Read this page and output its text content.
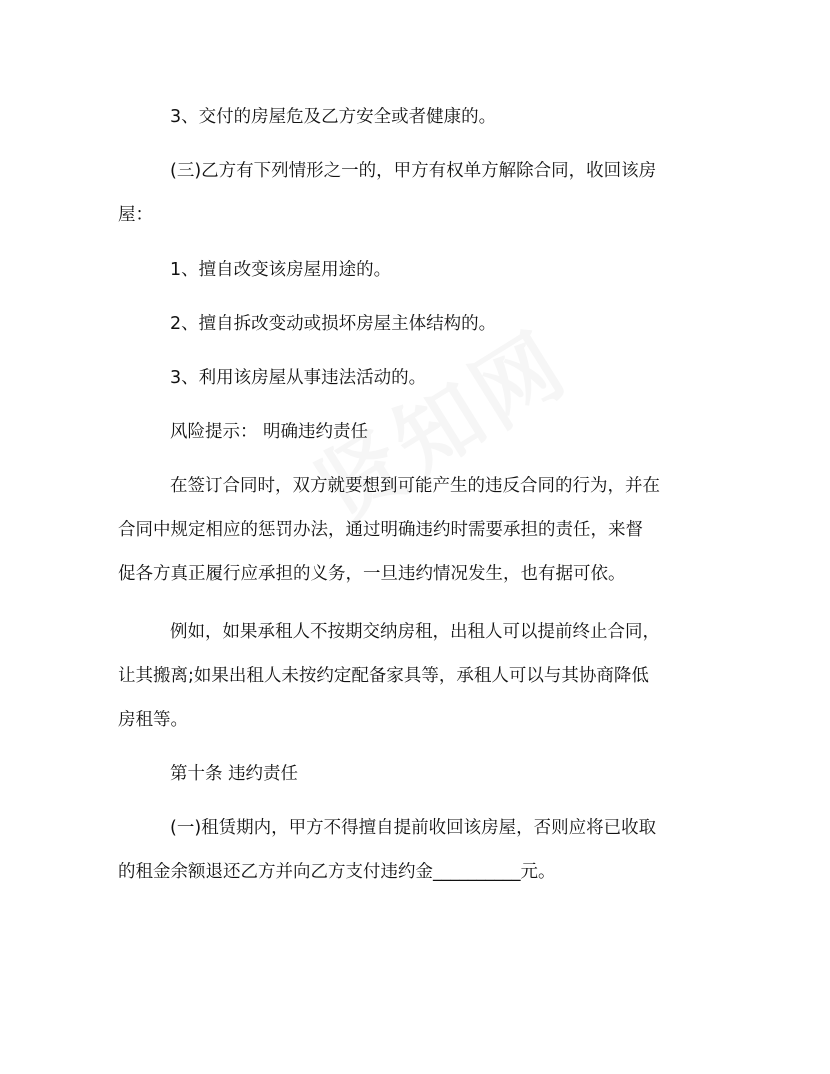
3、交付的房屋危及乙方安全或者健康的。

(三)乙方有下列情形之一的，甲方有权单方解除合同，收回该房
屋：

1、擅自改变该房屋用途的。

2、擅自拆改变动或损坏房屋主体结构的。

3、利用该房屋从事违法活动的。

风险提示： 明确违约责任

在签订合同时，双方就要想到可能产生的违反合同的行为，并在
合同中规定相应的惩罚办法，通过明确违约时需要承担的责任，来督
促各方真正履行应承担的义务，一旦违约情况发生，也有据可依。

例如，如果承租人不按期交纳房租，出租人可以提前终止合同，
让其搬离;如果出租人未按约定配备家具等，承租人可以与其协商降低
房租等。

第十条 违约责任

(一)租赁期内，甲方不得擅自提前收回该房屋，否则应将已收取
的租金余额退还乙方并向乙方支付违约金__________元。
